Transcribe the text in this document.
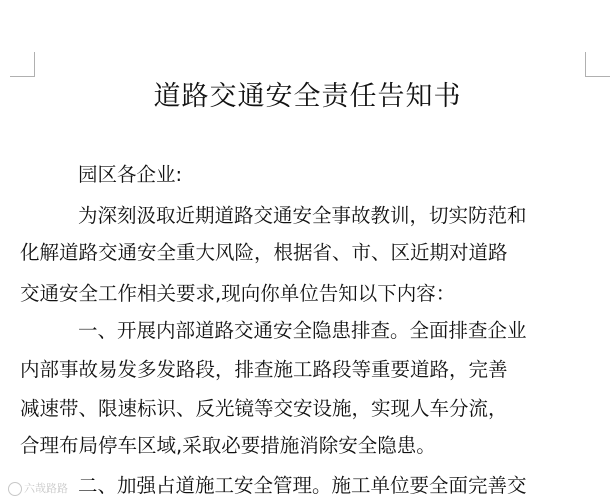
道路交通安全责任告知书

园区各企业:

为深刻汲取近期道路交通安全事故教训，切实防范和

化解道路交通安全重大风险，根据省、市、区近期对道路

交通安全工作相关要求,现向你单位告知以下内容：

一、开展内部道路交通安全隐患排查。全面排查企业

内部事故易发多发路段，排查施工路段等重要道路，完善

减速带、限速标识、反光镜等交安设施，实现人车分流，

合理布局停车区域,采取必要措施消除安全隐患。

二、加强占道施工安全管理。施工单位要全面完善交

六哉路路
